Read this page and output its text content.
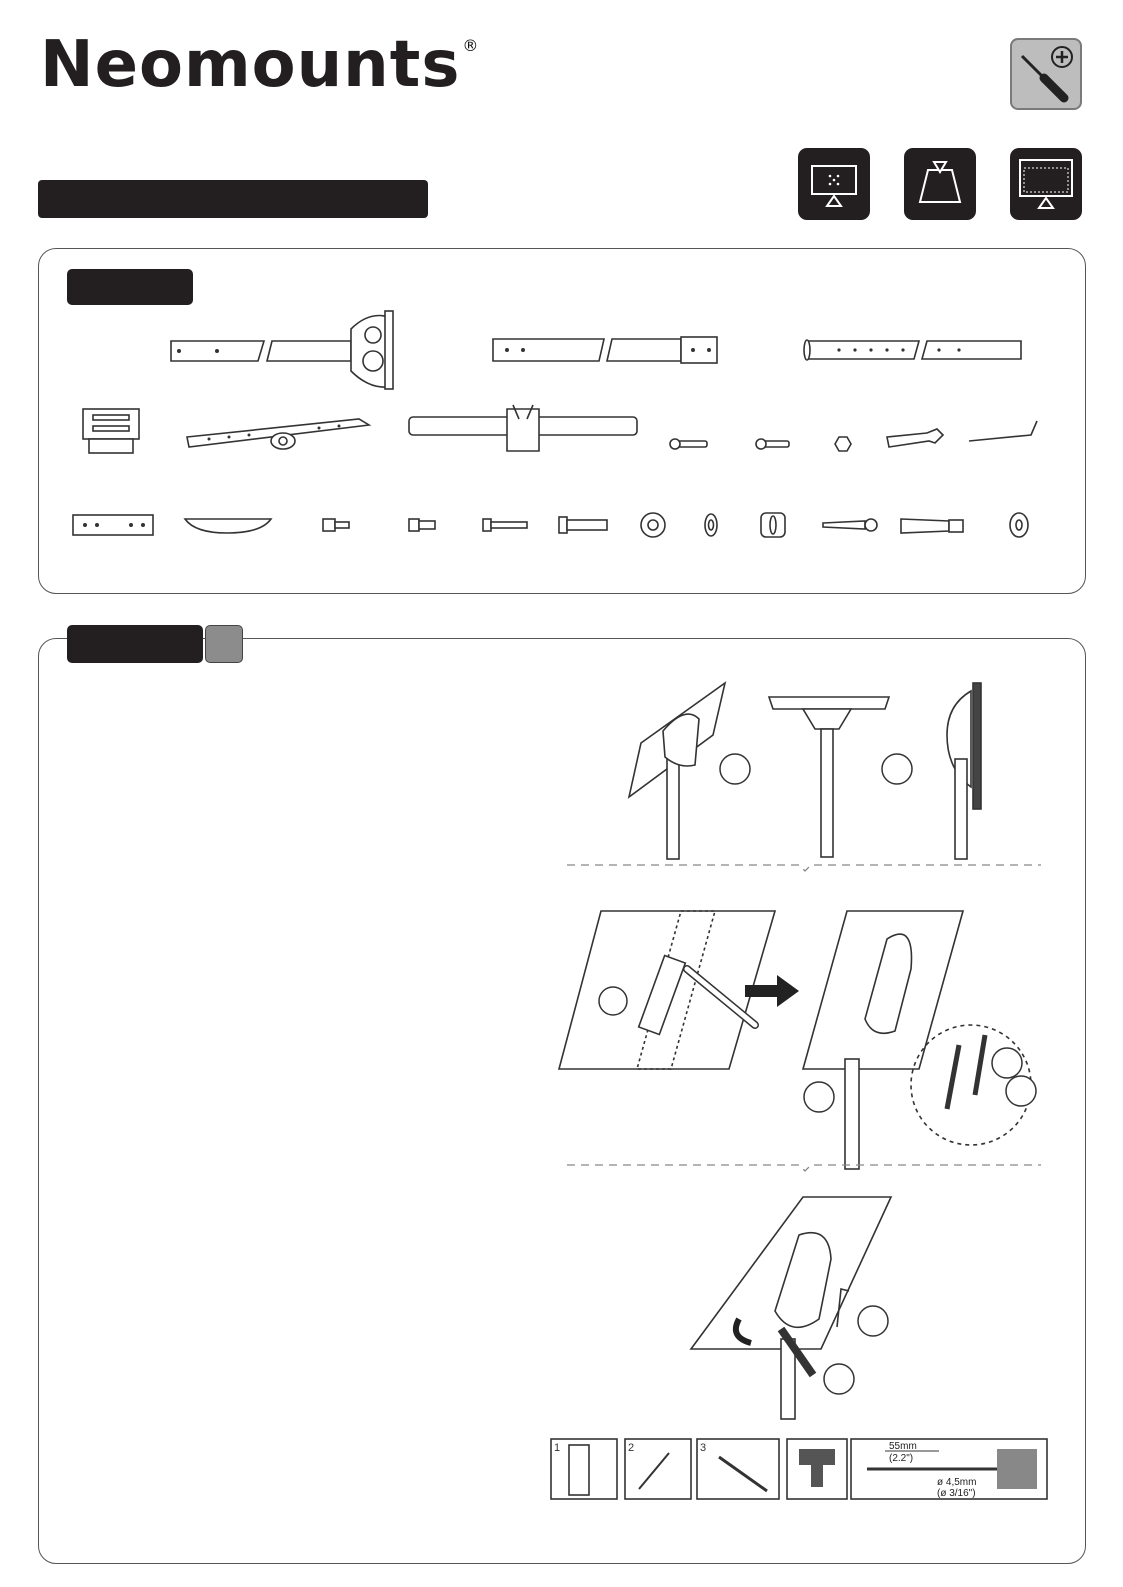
Neomounts ®
1	2	3	55mm
(2.2")
ø 4,5mm
(ø 3/16")
